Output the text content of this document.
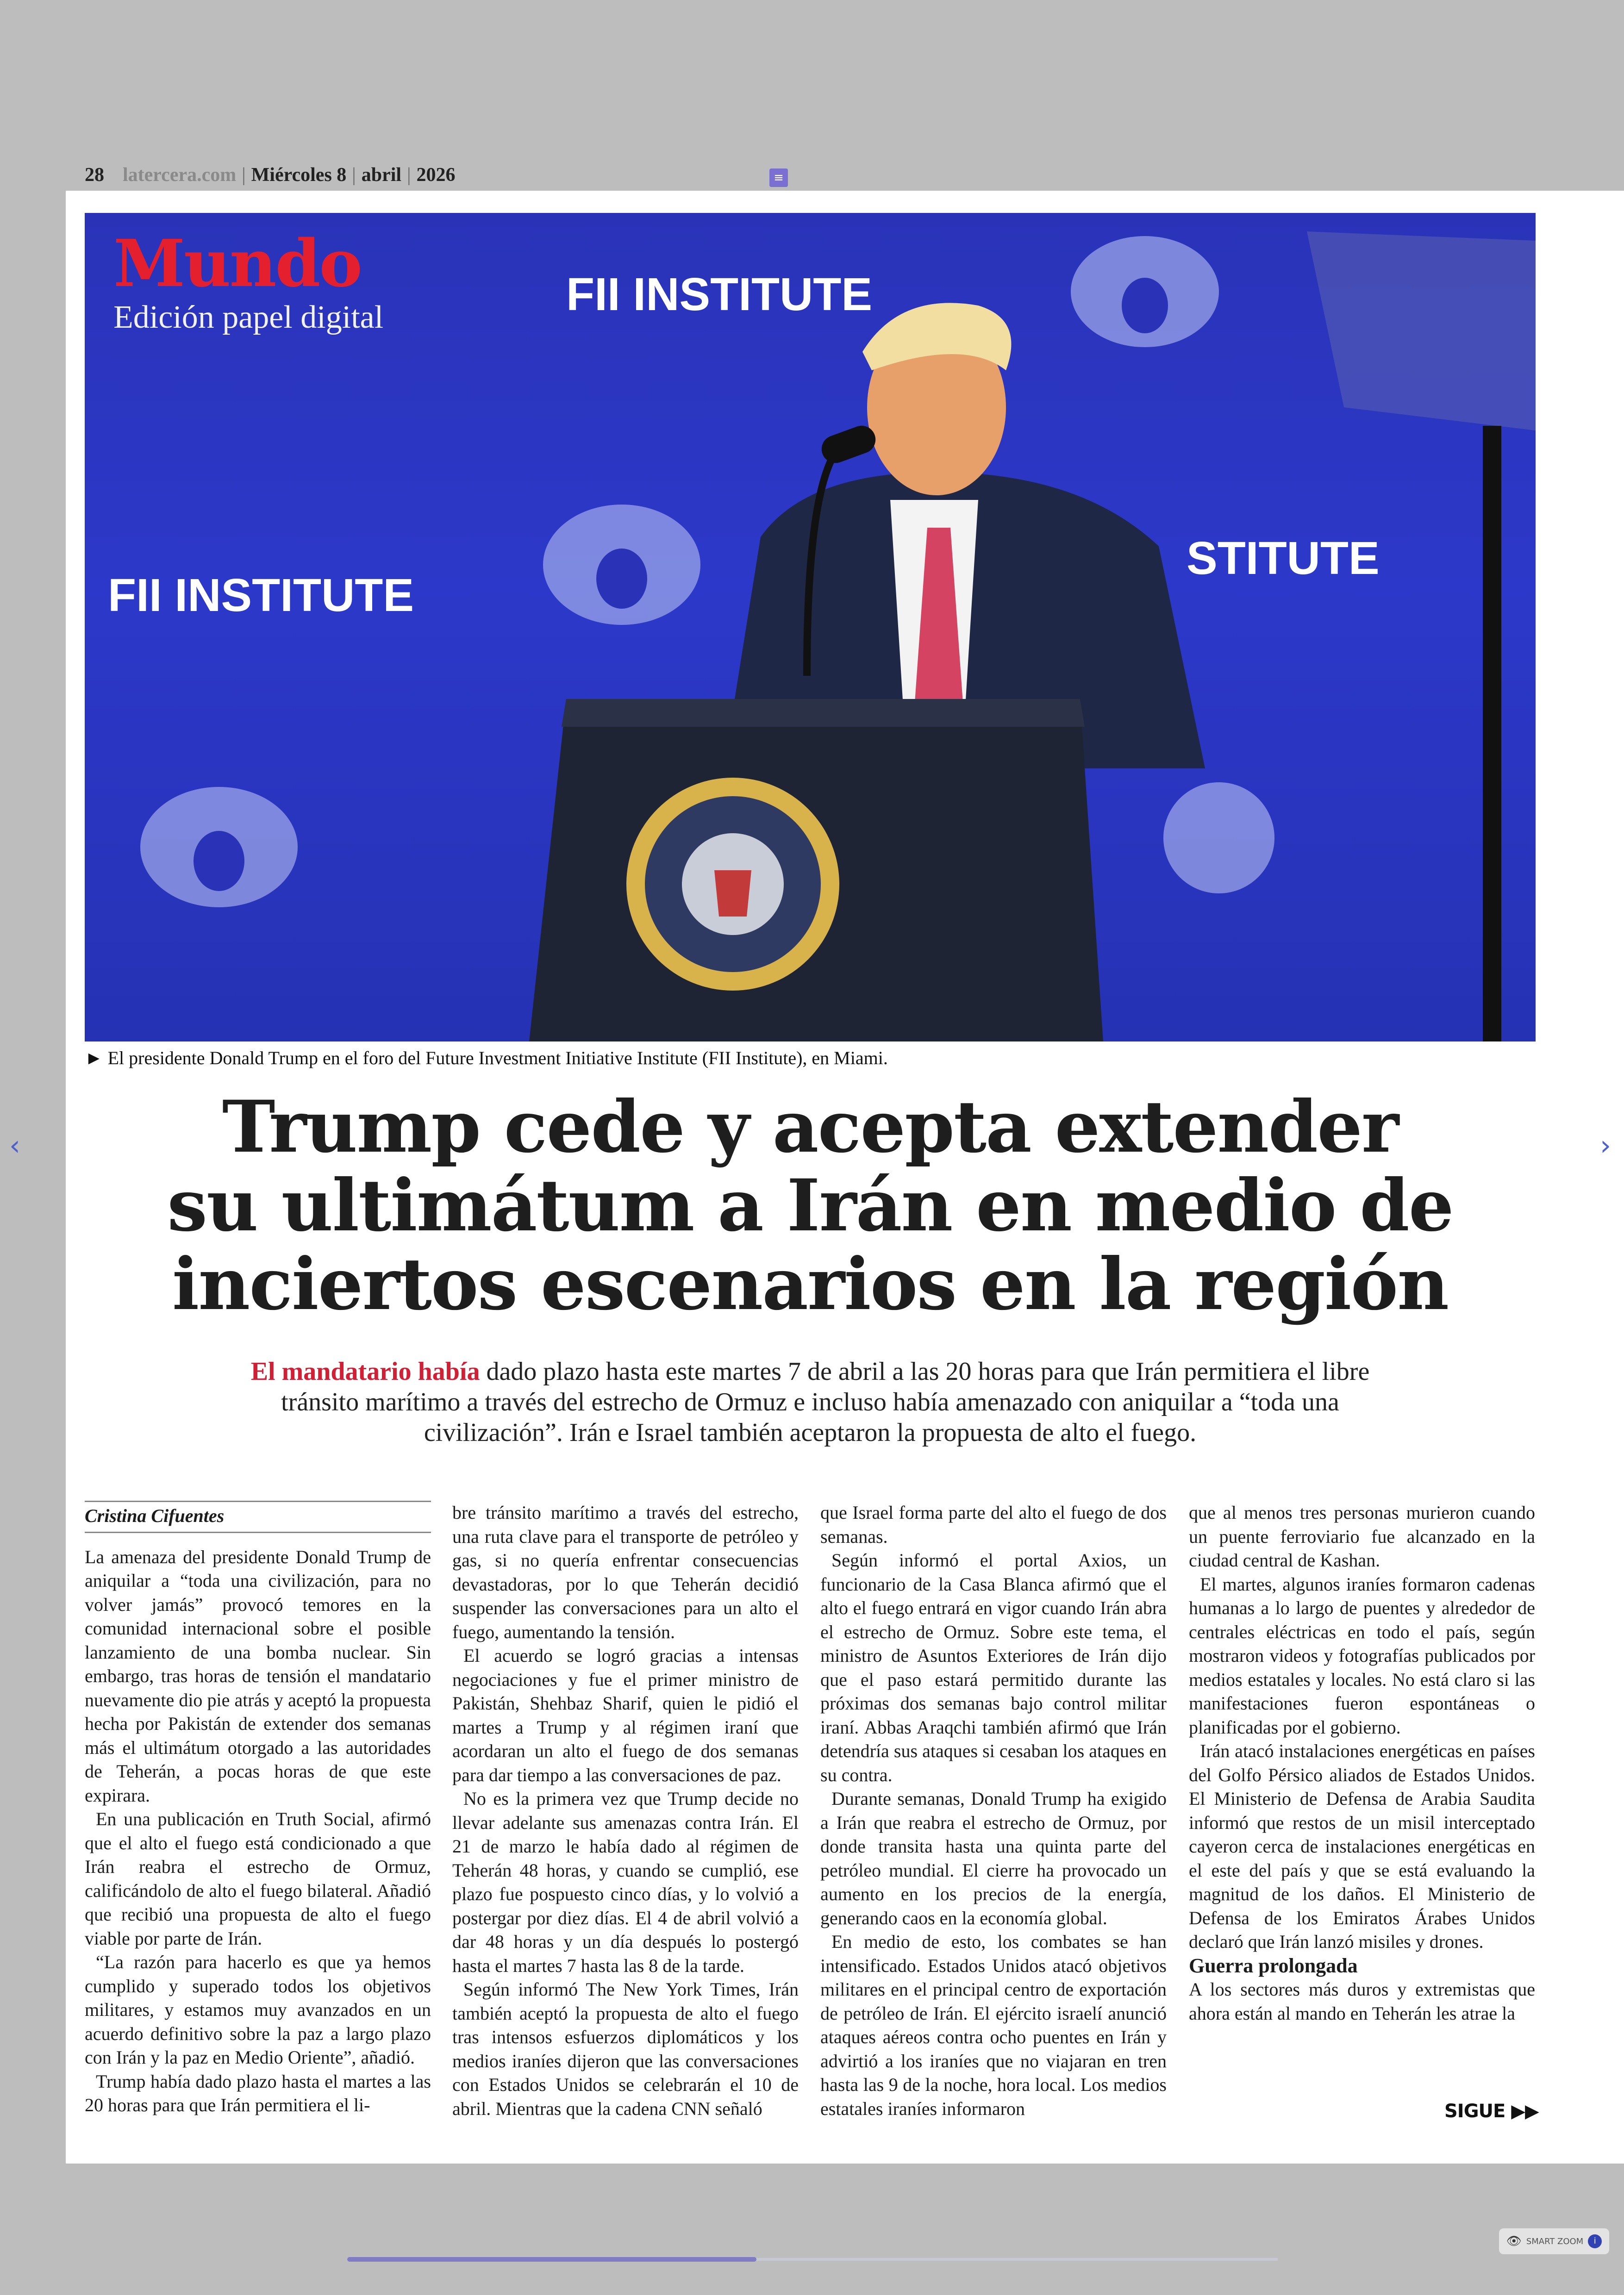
28 latercera.com | Miércoles 8 | abril | 2026	≡
FII INSTITUTE
FII INSTITUTE
STITUTE
Mundo
Edición papel digital
► El presidente Donald Trump en el foro del Future Investment Initiative Institute (FII Institute), en Miami.
Trump cede y acepta extender
su ultimátum a Irán en medio de
inciertos escenarios en la región
El mandatario había dado plazo hasta este martes 7 de abril a las 20 horas para que Irán permitiera el libre tránsito marítimo a través del estrecho de Ormuz e incluso había amenazado con aniquilar a “toda una civilización”. Irán e Israel también aceptaron la propuesta de alto el fuego.
Cristina Cifuentes

La amenaza del presidente Donald Trump de aniquilar a “toda una civilización, para no volver jamás” provocó temores en la comunidad internacional sobre el posible lanzamiento de una bomba nuclear. Sin embargo, tras horas de tensión el mandatario nuevamente dio pie atrás y aceptó la propuesta hecha por Pakistán de extender dos semanas más el ultimátum otorgado a las autoridades de Teherán, a pocas horas de que este expirara.

En una publicación en Truth Social, afirmó que el alto el fuego está condicionado a que Irán reabra el estrecho de Ormuz, calificándolo de alto el fuego bilateral. Añadió que recibió una propuesta de alto el fuego viable por parte de Irán.

“La razón para hacerlo es que ya hemos cumplido y superado todos los objetivos militares, y estamos muy avanzados en un acuerdo definitivo sobre la paz a largo plazo con Irán y la paz en Medio Oriente”, añadió.

Trump había dado plazo hasta el martes a las 20 horas para que Irán permitiera el li-

bre tránsito marítimo a través del estrecho, una ruta clave para el transporte de petróleo y gas, si no quería enfrentar consecuencias devastadoras, por lo que Teherán decidió suspender las conversaciones para un alto el fuego, aumentando la tensión.

El acuerdo se logró gracias a intensas negociaciones y fue el primer ministro de Pakistán, Shehbaz Sharif, quien le pidió el martes a Trump y al régimen iraní que acordaran un alto el fuego de dos semanas para dar tiempo a las conversaciones de paz.

No es la primera vez que Trump decide no llevar adelante sus amenazas contra Irán. El 21 de marzo le había dado al régimen de Teherán 48 horas, y cuando se cumplió, ese plazo fue pospuesto cinco días, y lo volvió a postergar por diez días. El 4 de abril volvió a dar 48 horas y un día después lo postergó hasta el martes 7 hasta las 8 de la tarde.

Según informó The New York Times, Irán también aceptó la propuesta de alto el fuego tras intensos esfuerzos diplomáticos y los medios iraníes dijeron que las conversaciones con Estados Unidos se celebrarán el 10 de abril. Mientras que la cadena CNN señaló

que Israel forma parte del alto el fuego de dos semanas.

Según informó el portal Axios, un funcionario de la Casa Blanca afirmó que el alto el fuego entrará en vigor cuando Irán abra el estrecho de Ormuz. Sobre este tema, el ministro de Asuntos Exteriores de Irán dijo que el paso estará permitido durante las próximas dos semanas bajo control militar iraní. Abbas Araqchi también afirmó que Irán detendría sus ataques si cesaban los ataques en su contra.

Durante semanas, Donald Trump ha exigido a Irán que reabra el estrecho de Ormuz, por donde transita hasta una quinta parte del petróleo mundial. El cierre ha provocado un aumento en los precios de la energía, generando caos en la economía global.

En medio de esto, los combates se han intensificado. Estados Unidos atacó objetivos militares en el principal centro de exportación de petróleo de Irán. El ejército israelí anunció ataques aéreos contra ocho puentes en Irán y advirtió a los iraníes que no viajaran en tren hasta las 9 de la noche, hora local. Los medios estatales iraníes informaron

que al menos tres personas murieron cuando un puente ferroviario fue alcanzado en la ciudad central de Kashan.

El martes, algunos iraníes formaron cadenas humanas a lo largo de puentes y alrededor de centrales eléctricas en todo el país, según mostraron videos y fotografías publicados por medios estatales y locales. No está claro si las manifestaciones fueron espontáneas o planificadas por el gobierno.

Irán atacó instalaciones energéticas en países del Golfo Pérsico aliados de Estados Unidos. El Ministerio de Defensa de Arabia Saudita informó que restos de un misil interceptado cayeron cerca de instalaciones energéticas en el este del país y que se está evaluando la magnitud de los daños. El Ministerio de Defensa de los Emiratos Árabes Unidos declaró que Irán lanzó misiles y drones.

Guerra prolongada

A los sectores más duros y extremistas que ahora están al mando en Teherán les atrae la

SIGUE ▶▶
‹	›
👁 SMART ZOOM	i
